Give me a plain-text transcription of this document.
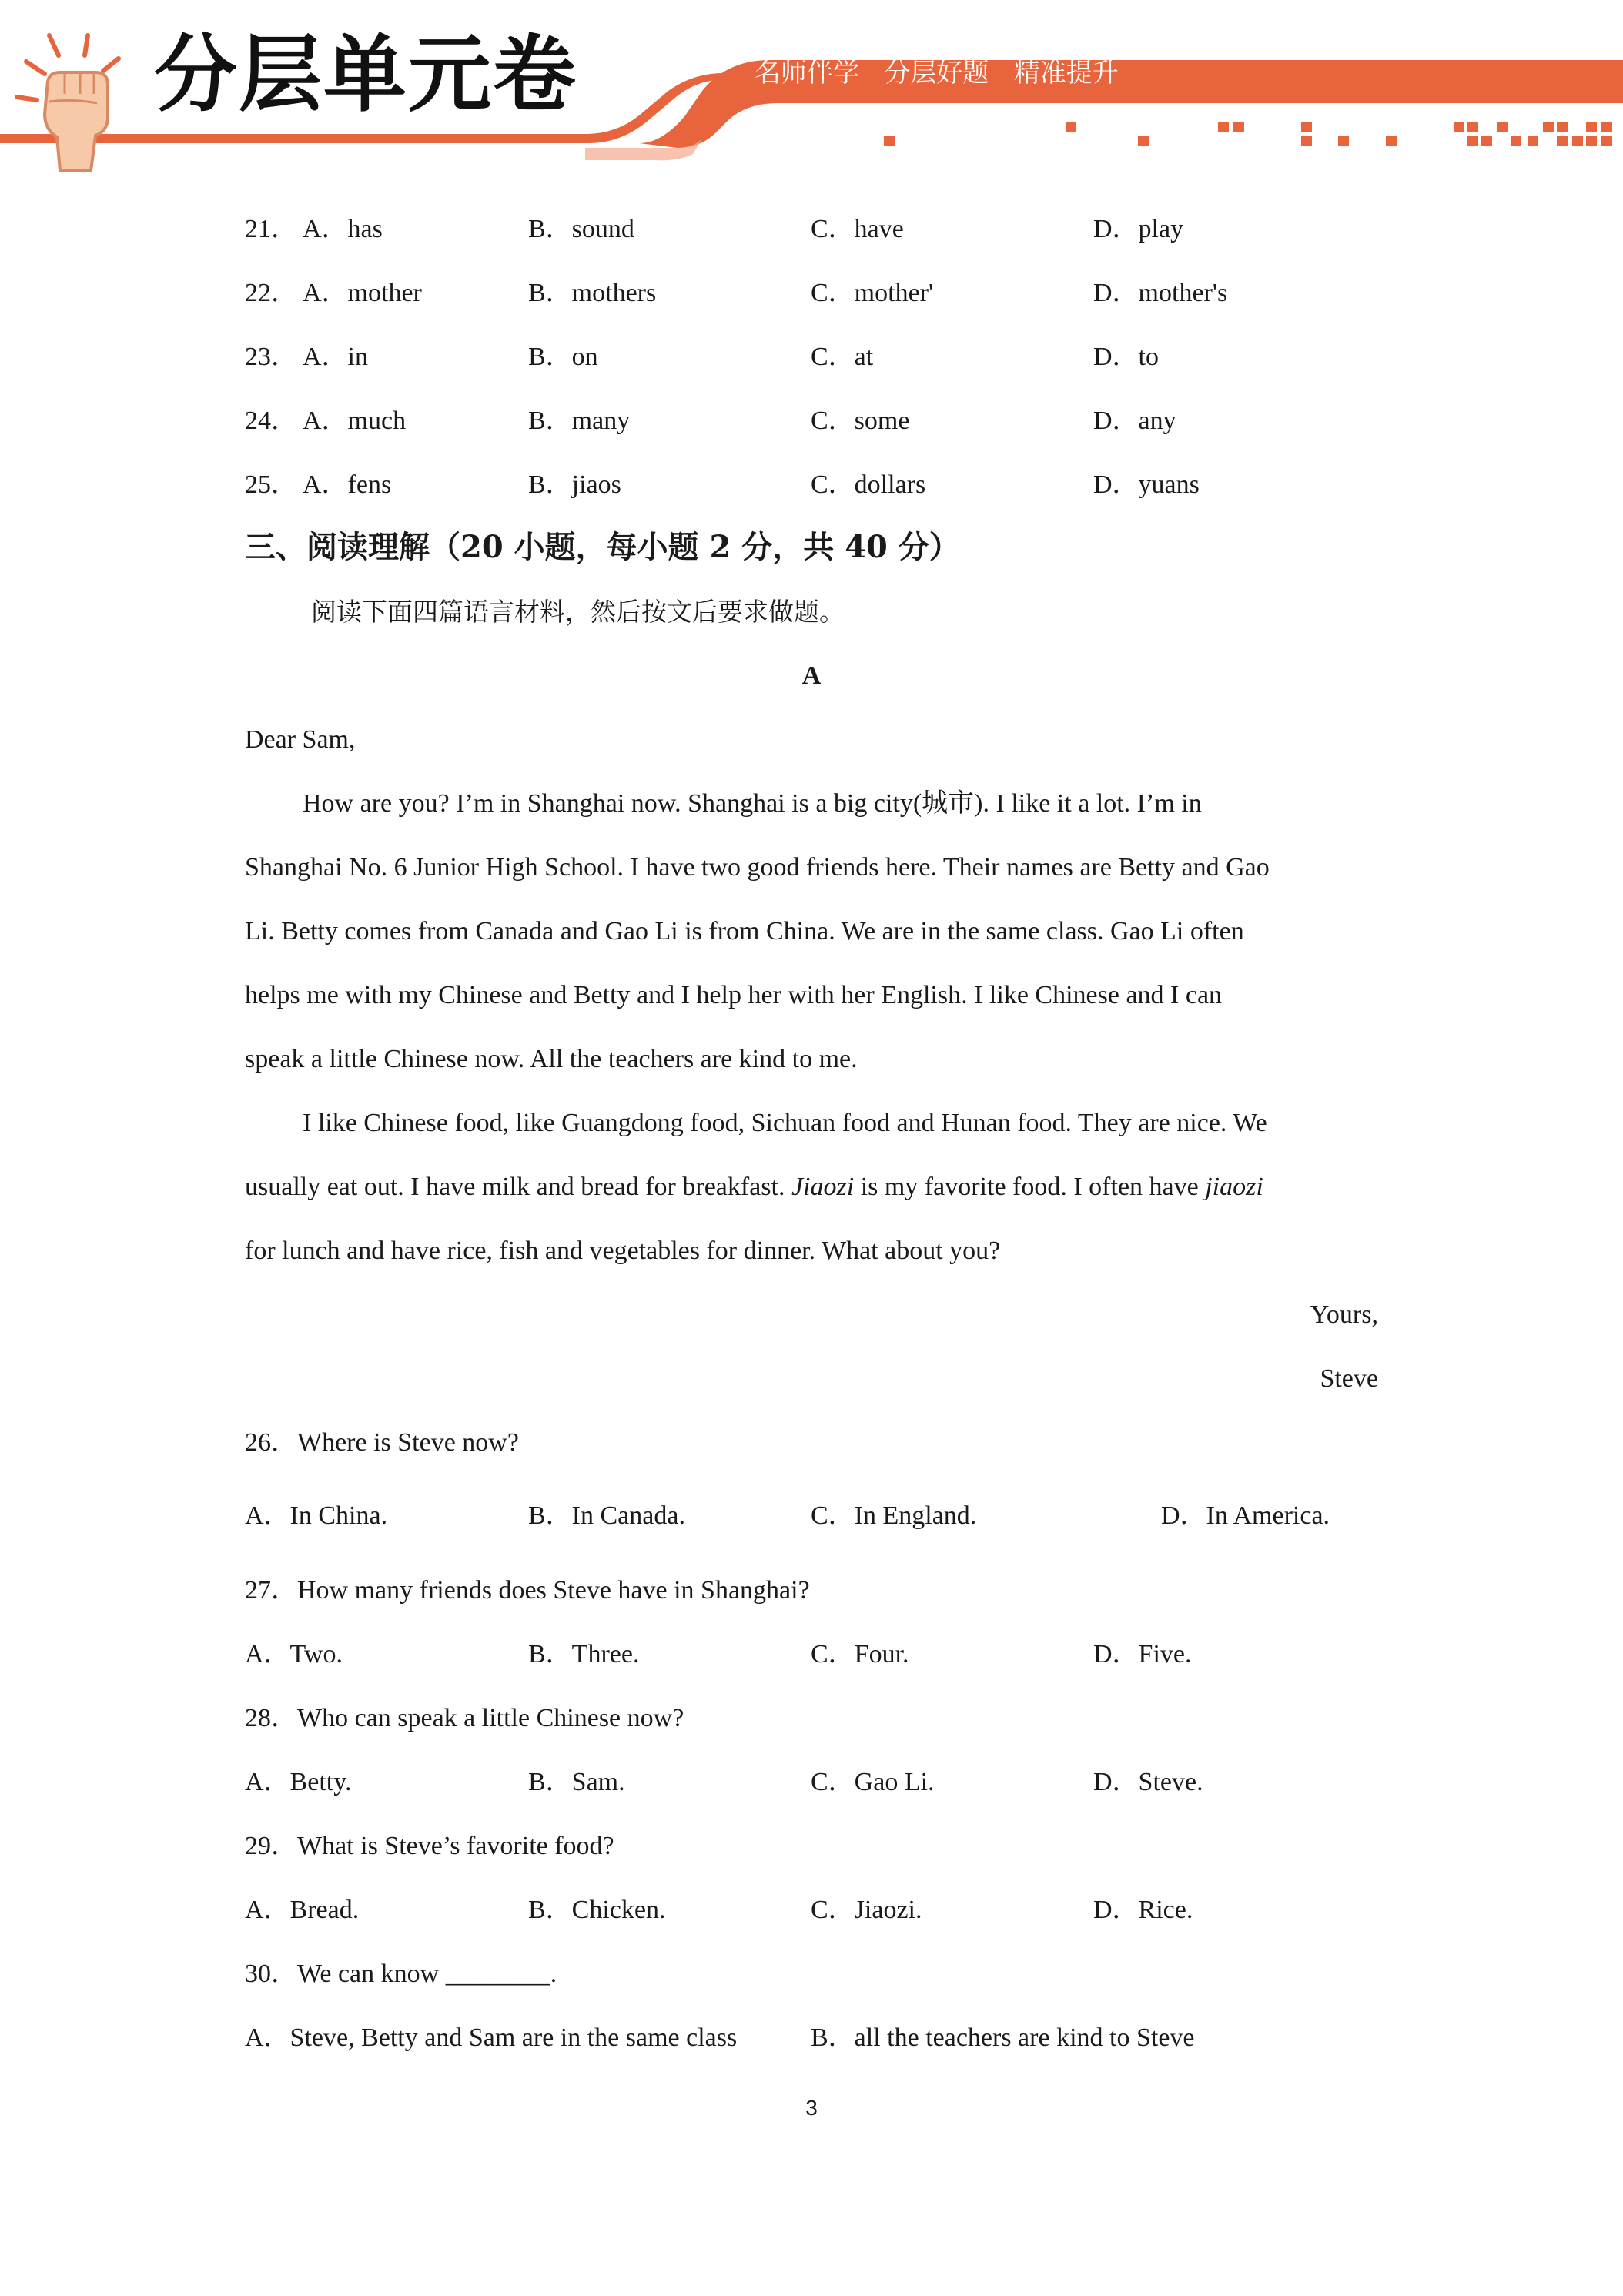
分层单元卷	名师伴学   分层好题   精准提升
21． A．has	B．sound	C．have	D．play
22． A．mother	B．mothers	C．mother'	D．mother's
23． A．in	B．on	C．at	D．to
24． A．much	B．many	C．some	D．any
25． A．fens	B．jiaos	C．dollars	D．yuans
三、阅读理解（20 小题，每小题 2 分，共 40 分）
阅读下面四篇语言材料，然后按文后要求做题。
A
Dear Sam,
How are you? I’m in Shanghai now. Shanghai is a big city(城市). I like it a lot. I’m in
Shanghai No. 6 Junior High School. I have two good friends here. Their names are Betty and Gao
Li. Betty comes from Canada and Gao Li is from China. We are in the same class. Gao Li often
helps me with my Chinese and Betty and I help her with her English. I like Chinese and I can
speak a little Chinese now. All the teachers are kind to me.
I like Chinese food, like Guangdong food, Sichuan food and Hunan food. They are nice. We
usually eat out. I have milk and bread for breakfast. Jiaozi is my favorite food. I often have jiaozi
for lunch and have rice, fish and vegetables for dinner. What about you?
Yours,
Steve
26．Where is Steve now?
A．In China.	B．In Canada.	C．In England.	D．In America.
27．How many friends does Steve have in Shanghai?
A．Two.	B．Three.	C．Four.	D．Five.
28．Who can speak a little Chinese now?
A．Betty.	B．Sam.	C．Gao Li.	D．Steve.
29．What is Steve’s favorite food?
A．Bread.	B．Chicken.	C．Jiaozi.	D．Rice.
30．We can know ________.
A．Steve, Betty and Sam are in the same class	B．all the teachers are kind to Steve
3
